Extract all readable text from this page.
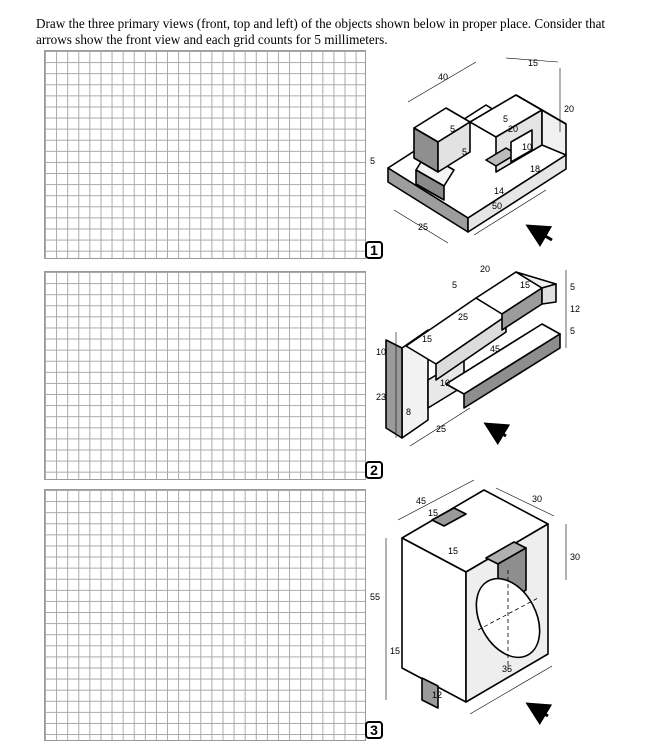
Draw the three primary views (front, top and left) of the objects shown below in proper place. Consider that
arrows show the front view and each grid counts for 5 millimeters.
1
2
3
40
15
5
20
5
5
20
10
18
14
50
25
5
20
15
5
25
15
5
12
5
45
10
10
23
8
25
45
15
30
15
30
55
15
12
35
